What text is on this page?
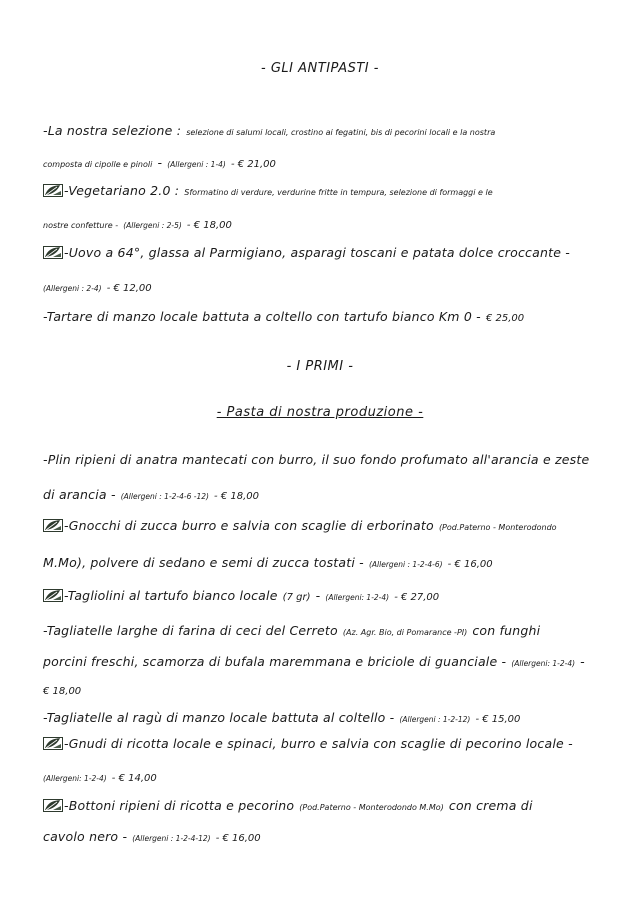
- GLI ANTIPASTI -
-La nostra selezione : selezione di salumi locali, crostino ai fegatini, bis di pecorini locali e la nostra
composta di cipolle e pinoli - (Allergeni : 1-4) - € 21,00
-Vegetariano 2.0 : Sformatino di verdure, verdurine fritte in tempura, selezione di formaggi e le
nostre confetture - (Allergeni : 2-5) - € 18,00
-Uovo a 64°, glassa al Parmigiano, asparagi toscani e patata dolce croccante -
(Allergeni : 2-4) - € 12,00
-Tartare di manzo locale battuta a coltello con tartufo bianco Km 0 - € 25,00
- I PRIMI -
- Pasta di nostra produzione -
-Plin ripieni di anatra mantecati con burro, il suo fondo profumato all'arancia e zeste
di arancia - (Allergeni : 1-2-4-6 -12) - € 18,00
-Gnocchi di zucca burro e salvia con scaglie di erborinato (Pod.Paterno - Monterodondo
M.Mo), polvere di sedano e semi di zucca tostati - (Allergeni : 1-2-4-6) - € 16,00
-Tagliolini al tartufo bianco locale (7 gr) - (Allergeni: 1-2-4) - € 27,00
-Tagliatelle larghe di farina di ceci del Cerreto (Az. Agr. Bio, di Pomarance -PI) con funghi
porcini freschi, scamorza di bufala maremmana e briciole di guanciale - (Allergeni: 1-2-4) -
€ 18,00
-Tagliatelle al ragù di manzo locale battuta al coltello - (Allergeni : 1-2-12) - € 15,00
-Gnudi di ricotta locale e spinaci, burro e salvia con scaglie di pecorino locale -
(Allergeni: 1-2-4) - € 14,00
-Bottoni ripieni di ricotta e pecorino (Pod.Paterno - Monterodondo M.Mo) con crema di
cavolo nero - (Allergeni : 1-2-4-12) - € 16,00
